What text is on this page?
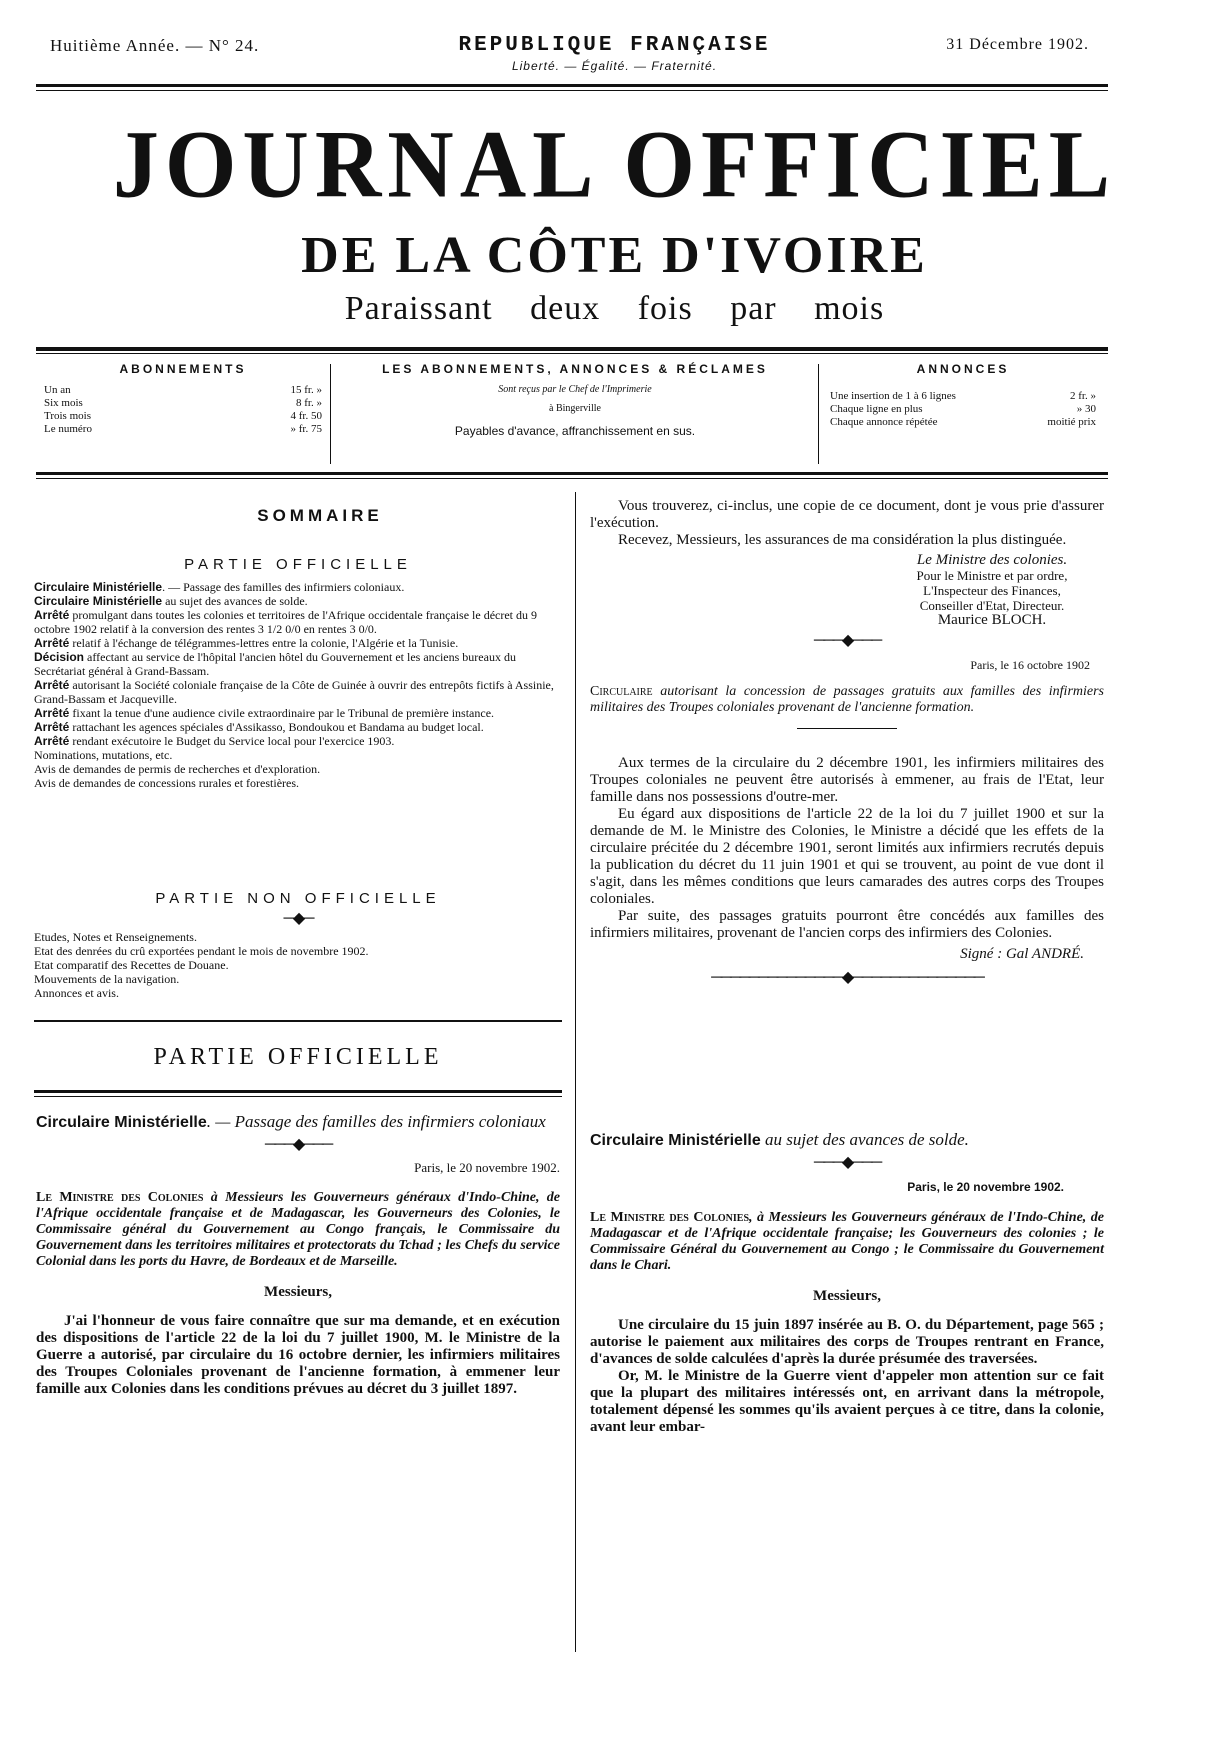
Huitième Année. — N° 24.	REPUBLIQUE FRANÇAISE
Liberté. — Égalité. — Fraternité.
31 Décembre 1902.
JOURNAL OFFICIEL
DE LA CÔTE D'IVOIRE
Paraissant deux fois par mois
ABONNEMENTS
Un an	15 fr. »
Six mois	8 fr. »
Trois mois	4 fr. 50
Le numéro	» fr. 75
LES ABONNEMENTS, ANNONCES & RÉCLAMES
Sont reçus par le Chef de l'Imprimerie
à Bingerville
Payables d'avance, affranchissement en sus.
ANNONCES
Une insertion de 1 à 6 lignes	2 fr. »
Chaque ligne en plus	» 30
Chaque annonce répétée	moitié prix
SOMMAIRE
PARTIE OFFICIELLE

Circulaire Ministérielle. — Passage des familles des infirmiers coloniaux.

Circulaire Ministérielle au sujet des avances de solde.

Arrêté promulgant dans toutes les colonies et territoires de l'Afrique occidentale française le décret du 9 octobre 1902 relatif à la conversion des rentes 3 1/2 0/0 en rentes 3 0/0.

Arrêté relatif à l'échange de télégrammes-lettres entre la colonie, l'Algérie et la Tunisie.

Décision affectant au service de l'hôpital l'ancien hôtel du Gouvernement et les anciens bureaux du Secrétariat général à Grand-Bassam.

Arrêté autorisant la Société coloniale française de la Côte de Guinée à ouvrir des entrepôts fictifs à Assinie, Grand-Bassam et Jacqueville.

Arrêté fixant la tenue d'une audience civile extraordinaire par le Tribunal de première instance.

Arrêté rattachant les agences spéciales d'Assikasso, Bondoukou et Bandama au budget local.

Arrêté rendant exécutoire le Budget du Service local pour l'exercice 1903.

Nominations, mutations, etc.

Avis de demandes de permis de recherches et d'exploration.

Avis de demandes de concessions rurales et forestières.

PARTIE NON OFFICIELLE
─◆─

Etudes, Notes et Renseignements.

Etat des denrées du crû exportées pendant le mois de novembre 1902.

Etat comparatif des Recettes de Douane.

Mouvements de la navigation.

Annonces et avis.

PARTIE OFFICIELLE

Circulaire Ministérielle. — Passage des familles des infirmiers coloniaux

───◆───

Paris, le 20 novembre 1902.

Le Ministre des Colonies à Messieurs les Gouverneurs généraux d'Indo-Chine, de l'Afrique occidentale française et de Madagascar, les Gouverneurs des Colonies, le Commissaire général du Gouvernement au Congo français, le Commissaire du Gouvernement dans les territoires militaires et protectorats du Tchad ; les Chefs du service Colonial dans les ports du Havre, de Bordeaux et de Marseille.

Messieurs,

J'ai l'honneur de vous faire connaître que sur ma demande, et en exécution des dispositions de l'article 22 de la loi du 7 juillet 1900, M. le Ministre de la Guerre a autorisé, par circulaire du 16 octobre dernier, les infirmiers militaires des Troupes Coloniales provenant de l'ancienne formation, à emmener leur famille aux Colonies dans les conditions prévues au décret du 3 juillet 1897.

Vous trouverez, ci-inclus, une copie de ce document, dont je vous prie d'assurer l'exécution.

Recevez, Messieurs, les assurances de ma considération la plus distinguée.

Le Ministre des colonies.
Pour le Ministre et par ordre,
L'Inspecteur des Finances,
Conseiller d'Etat, Directeur.
Maurice BLOCH.
───◆───

Paris, le 16 octobre 1902

Circulaire autorisant la concession de passages gratuits aux familles des infirmiers militaires des Troupes coloniales provenant de l'ancienne formation.

Aux termes de la circulaire du 2 décembre 1901, les infirmiers militaires des Troupes coloniales ne peuvent être autorisés à emmener, au frais de l'Etat, leur famille dans nos possessions d'outre-mer.

Eu égard aux dispositions de l'article 22 de la loi du 7 juillet 1900 et sur la demande de M. le Ministre des Colonies, le Ministre a décidé que les effets de la circulaire précitée du 2 décembre 1901, seront limités aux infirmiers recrutés depuis la publication du décret du 11 juin 1901 et qui se trouvent, au point de vue dont il s'agit, dans les mêmes conditions que leurs camarades des autres corps des Troupes coloniales.

Par suite, des passages gratuits pourront être concédés aux familles des infirmiers militaires, provenant de l'ancien corps des infirmiers des Colonies.

Signé : Gal ANDRÉ.

──────────────◆──────────────

Circulaire Ministérielle au sujet des avances de solde.

───◆───

Paris, le 20 novembre 1902.

Le Ministre des Colonies, à Messieurs les Gouverneurs généraux de l'Indo-Chine, de Madagascar et de l'Afrique occidentale française; les Gouverneurs des colonies ; le Commissaire Général du Gouvernement au Congo ; le Commissaire du Gouvernement dans le Chari.

Messieurs,

Une circulaire du 15 juin 1897 insérée au B. O. du Département, page 565 ; autorise le paiement aux militaires des corps de Troupes rentrant en France, d'avances de solde calculées d'après la durée présumée des traversées.

Or, M. le Ministre de la Guerre vient d'appeler mon attention sur ce fait que la plupart des militaires intéressés ont, en arrivant dans la métropole, totalement dépensé les sommes qu'ils avaient perçues à ce titre, dans la colonie, avant leur embar-
